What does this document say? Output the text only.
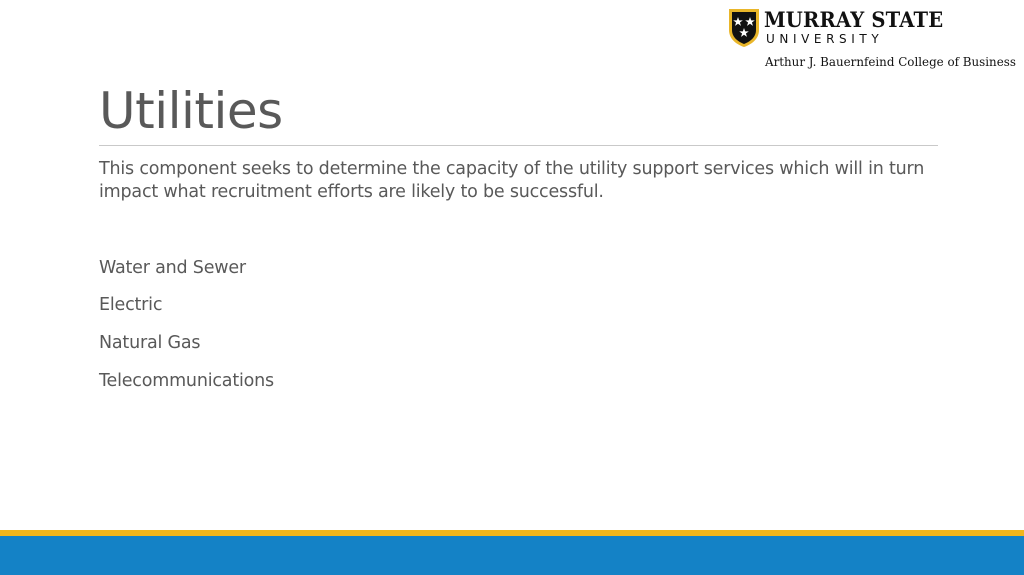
MURRAY STATE
UNIVERSITY
Arthur J. Bauernfeind College of Business
Utilities
This component seeks to determine the capacity of the utility support services which will in turn
impact what recruitment efforts are likely to be successful.
Water and Sewer
Electric
Natural Gas
Telecommunications
